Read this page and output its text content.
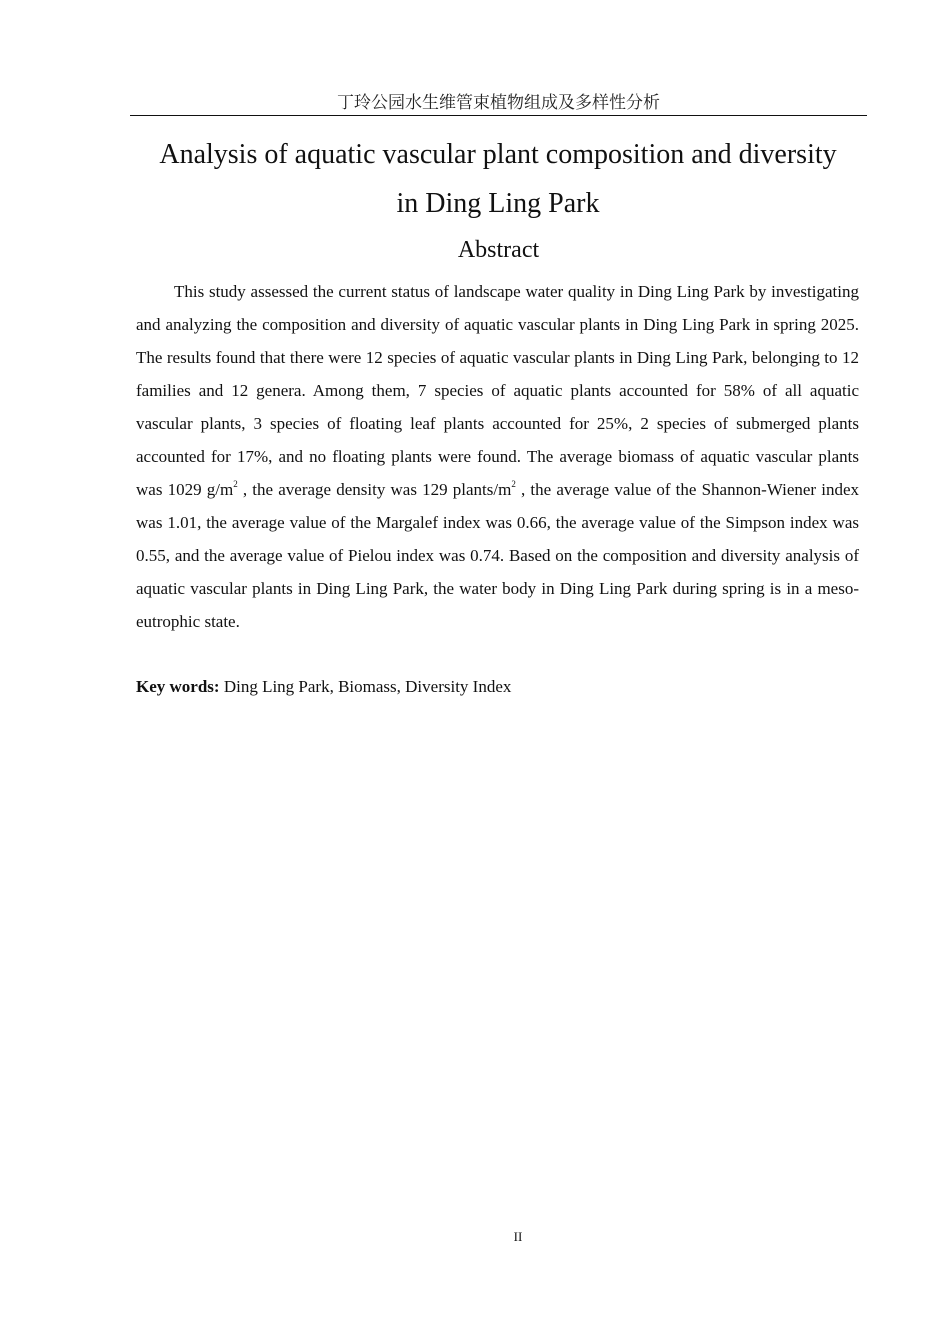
丁玲公园水生维管束植物组成及多样性分析
Analysis of aquatic vascular plant composition and diversity
in Ding Ling Park
Abstract

This study assessed the current status of landscape water quality in Ding Ling Park by investigating and analyzing the composition and diversity of aquatic vascular plants in Ding Ling Park in spring 2025. The results found that there were 12 species of aquatic vascular plants in Ding Ling Park, belonging to 12 families and 12 genera. Among them, 7 species of aquatic plants accounted for 58% of all aquatic vascular plants, 3 species of floating leaf plants accounted for 25%, 2 species of submerged plants accounted for 17%, and no floating plants were found. The average biomass of aquatic vascular plants was 1029 $g/m^2$ , the average density was 129 plants/$m^2$ , the average value of the Shannon-Wiener index was 1.01, the average value of the Margalef index was 0.66, the average value of the Simpson index was 0.55, and the average value of Pielou index was 0.74. Based on the composition and diversity analysis of aquatic vascular plants in Ding Ling Park, the water body in Ding Ling Park during spring is in a meso-eutrophic state.

Key words: Ding Ling Park, Biomass, Diversity Index

II
